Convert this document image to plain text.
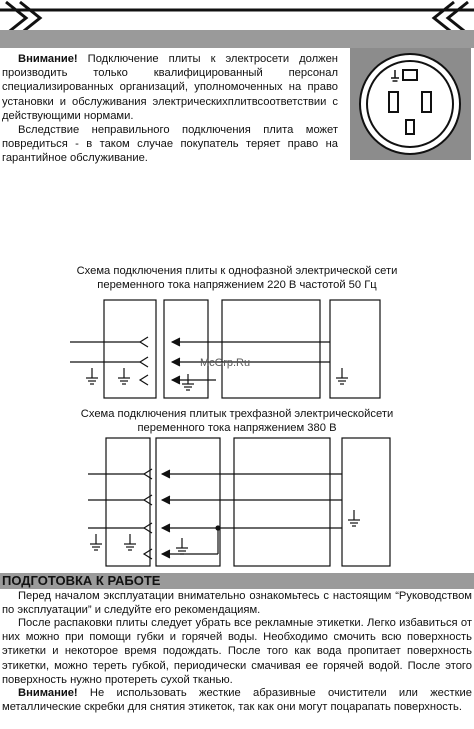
Внимание! Подключение плиты к электросети должен производить только квалифицированный персонал специализированных организаций, уполномоченных на право установки и обслуживания электрическихплитвсоответствии с действующими нормами.

Вследствие неправильного подключения плита может повредиться - в таком случае покупатель теряет право на гарантийное обслуживание.

Схема подключения плиты к однофазной электрической сети
переменного тока напряжением 220 В частотой 50 Гц
McGrp.Ru
Схема подключения плитык трехфазной электрическойсети
переменного тока напряжением 380 В
ПОДГОТОВКА К РАБОТЕ

Перед началом эксплуатации внимательно ознакомьтесь с настоящим “Руководством по эксплуатации” и следуйте его рекомендациям.

После распаковки плиты следует убрать все рекламные этикетки. Легко избавиться от них можно при помощи губки и горячей воды. Необходимо смочить всю поверхность этикетки и некоторое время подождать. После того как вода пропитает поверхность этикетки, можно тереть губкой, периодически смачивая ее горячей водой. После этого поверхность нужно протереть сухой тканью.

Внимание! Не использовать жесткие абразивные очистители или жесткие металлические скребки для снятия этикеток, так как они могут поцарапать поверхность.
